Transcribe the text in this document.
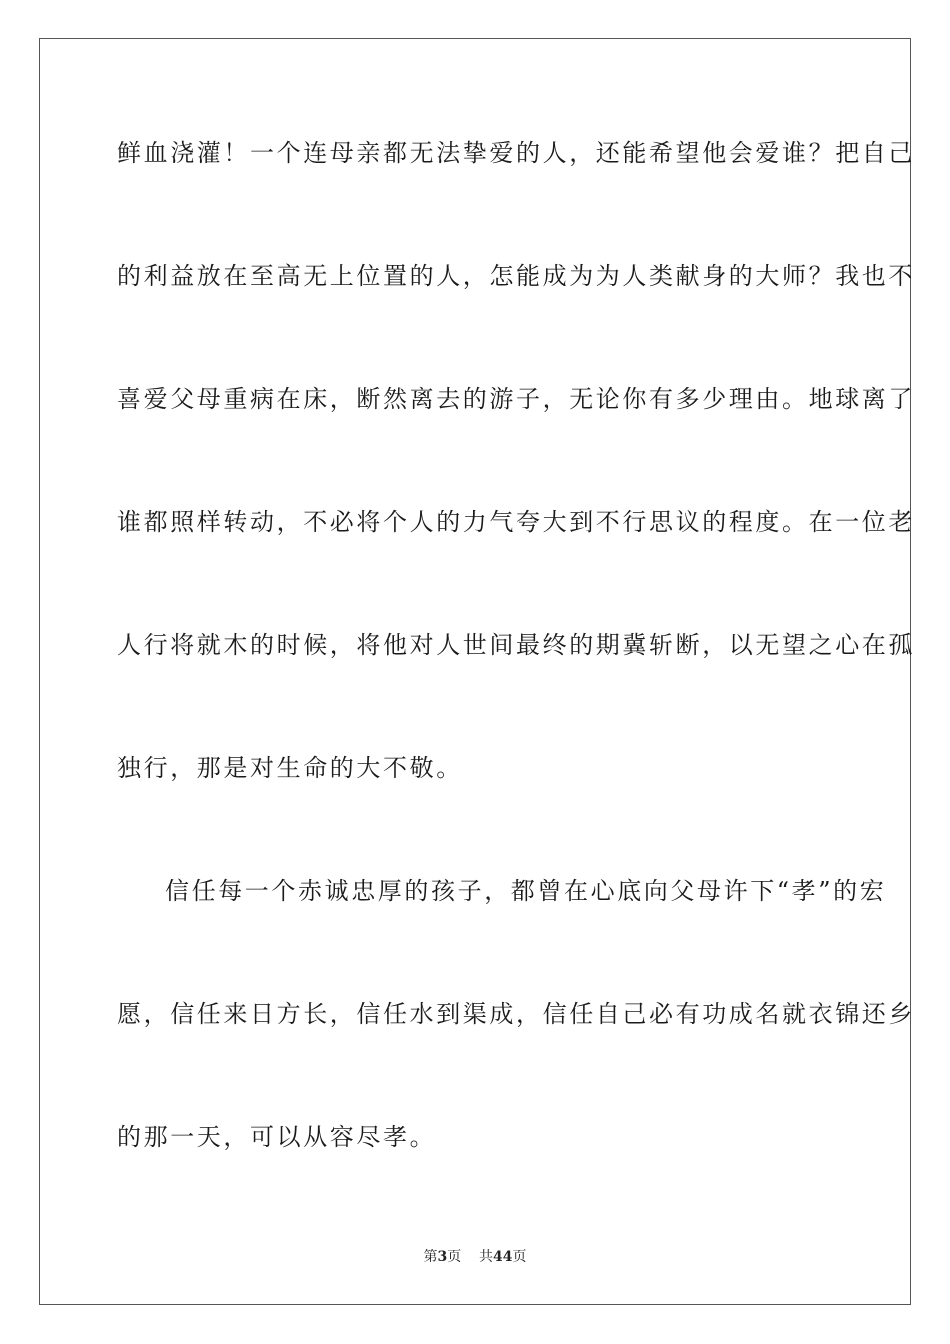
鲜血浇灌！一个连母亲都无法挚爱的人，还能希望他会爱谁？把自己
的利益放在至高无上位置的人，怎能成为为人类献身的大师？我也不
喜爱父母重病在床，断然离去的游子，无论你有多少理由。地球离了
谁都照样转动，不必将个人的力气夸大到不行思议的程度。在一位老
人行将就木的时候，将他对人世间最终的期冀斩断，以无望之心在孤
独行，那是对生命的大不敬。
信任每一个赤诚忠厚的孩子，都曾在心底向父母许下“孝”的宏
愿，信任来日方长，信任水到渠成，信任自己必有功成名就衣锦还乡
的那一天，可以从容尽孝。
第3页 共44页
